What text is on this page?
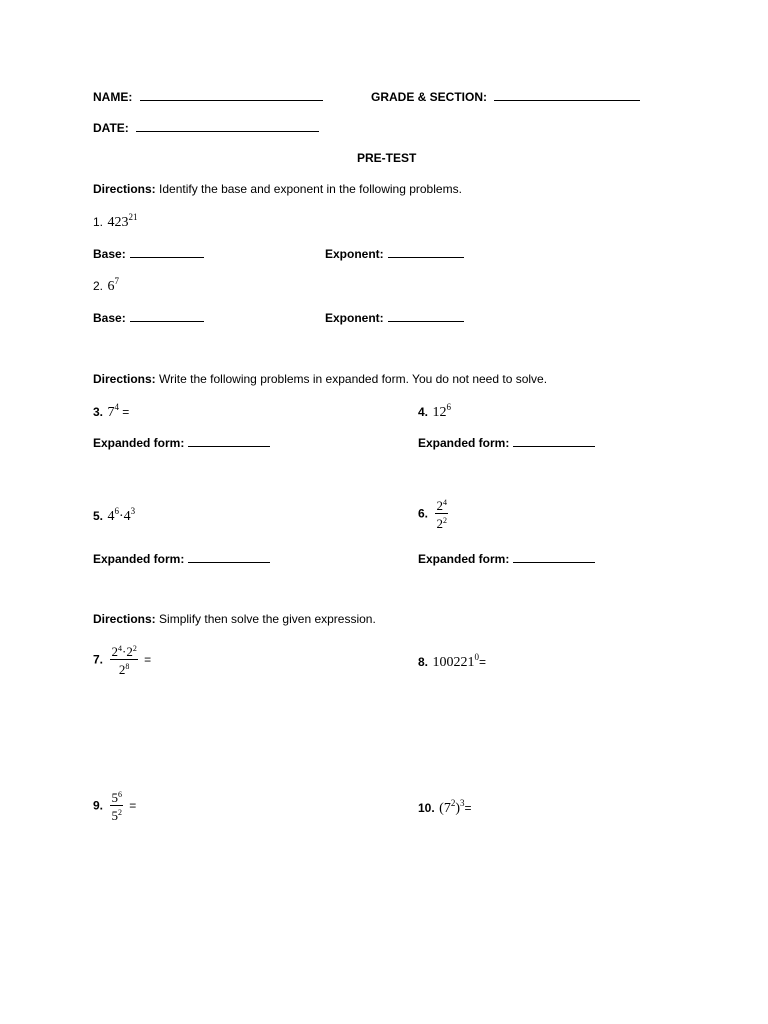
NAME:	GRADE & SECTION:
DATE:
PRE-TEST
Directions: Identify the base and exponent in the following problems.
1. $423^{21}$
Base:	Exponent:
2. $6^7$
Base:	Exponent:
Directions: Write the following problems in expanded form. You do not need to solve.
3. $7^4$ =	4. $12^6$
Expanded form:	Expanded form:
5. $4^6\cdot 4^3$	6. $\frac{2^4}{2^2}$
Expanded form:	Expanded form:
Directions: Simplify then solve the given expression.
7. $\frac{2^4\cdot 2^2}{2^8}$ =	8. $100221^0=$
9. $\frac{5^6}{5^2}$ =	10. $(7^2)^3=$
